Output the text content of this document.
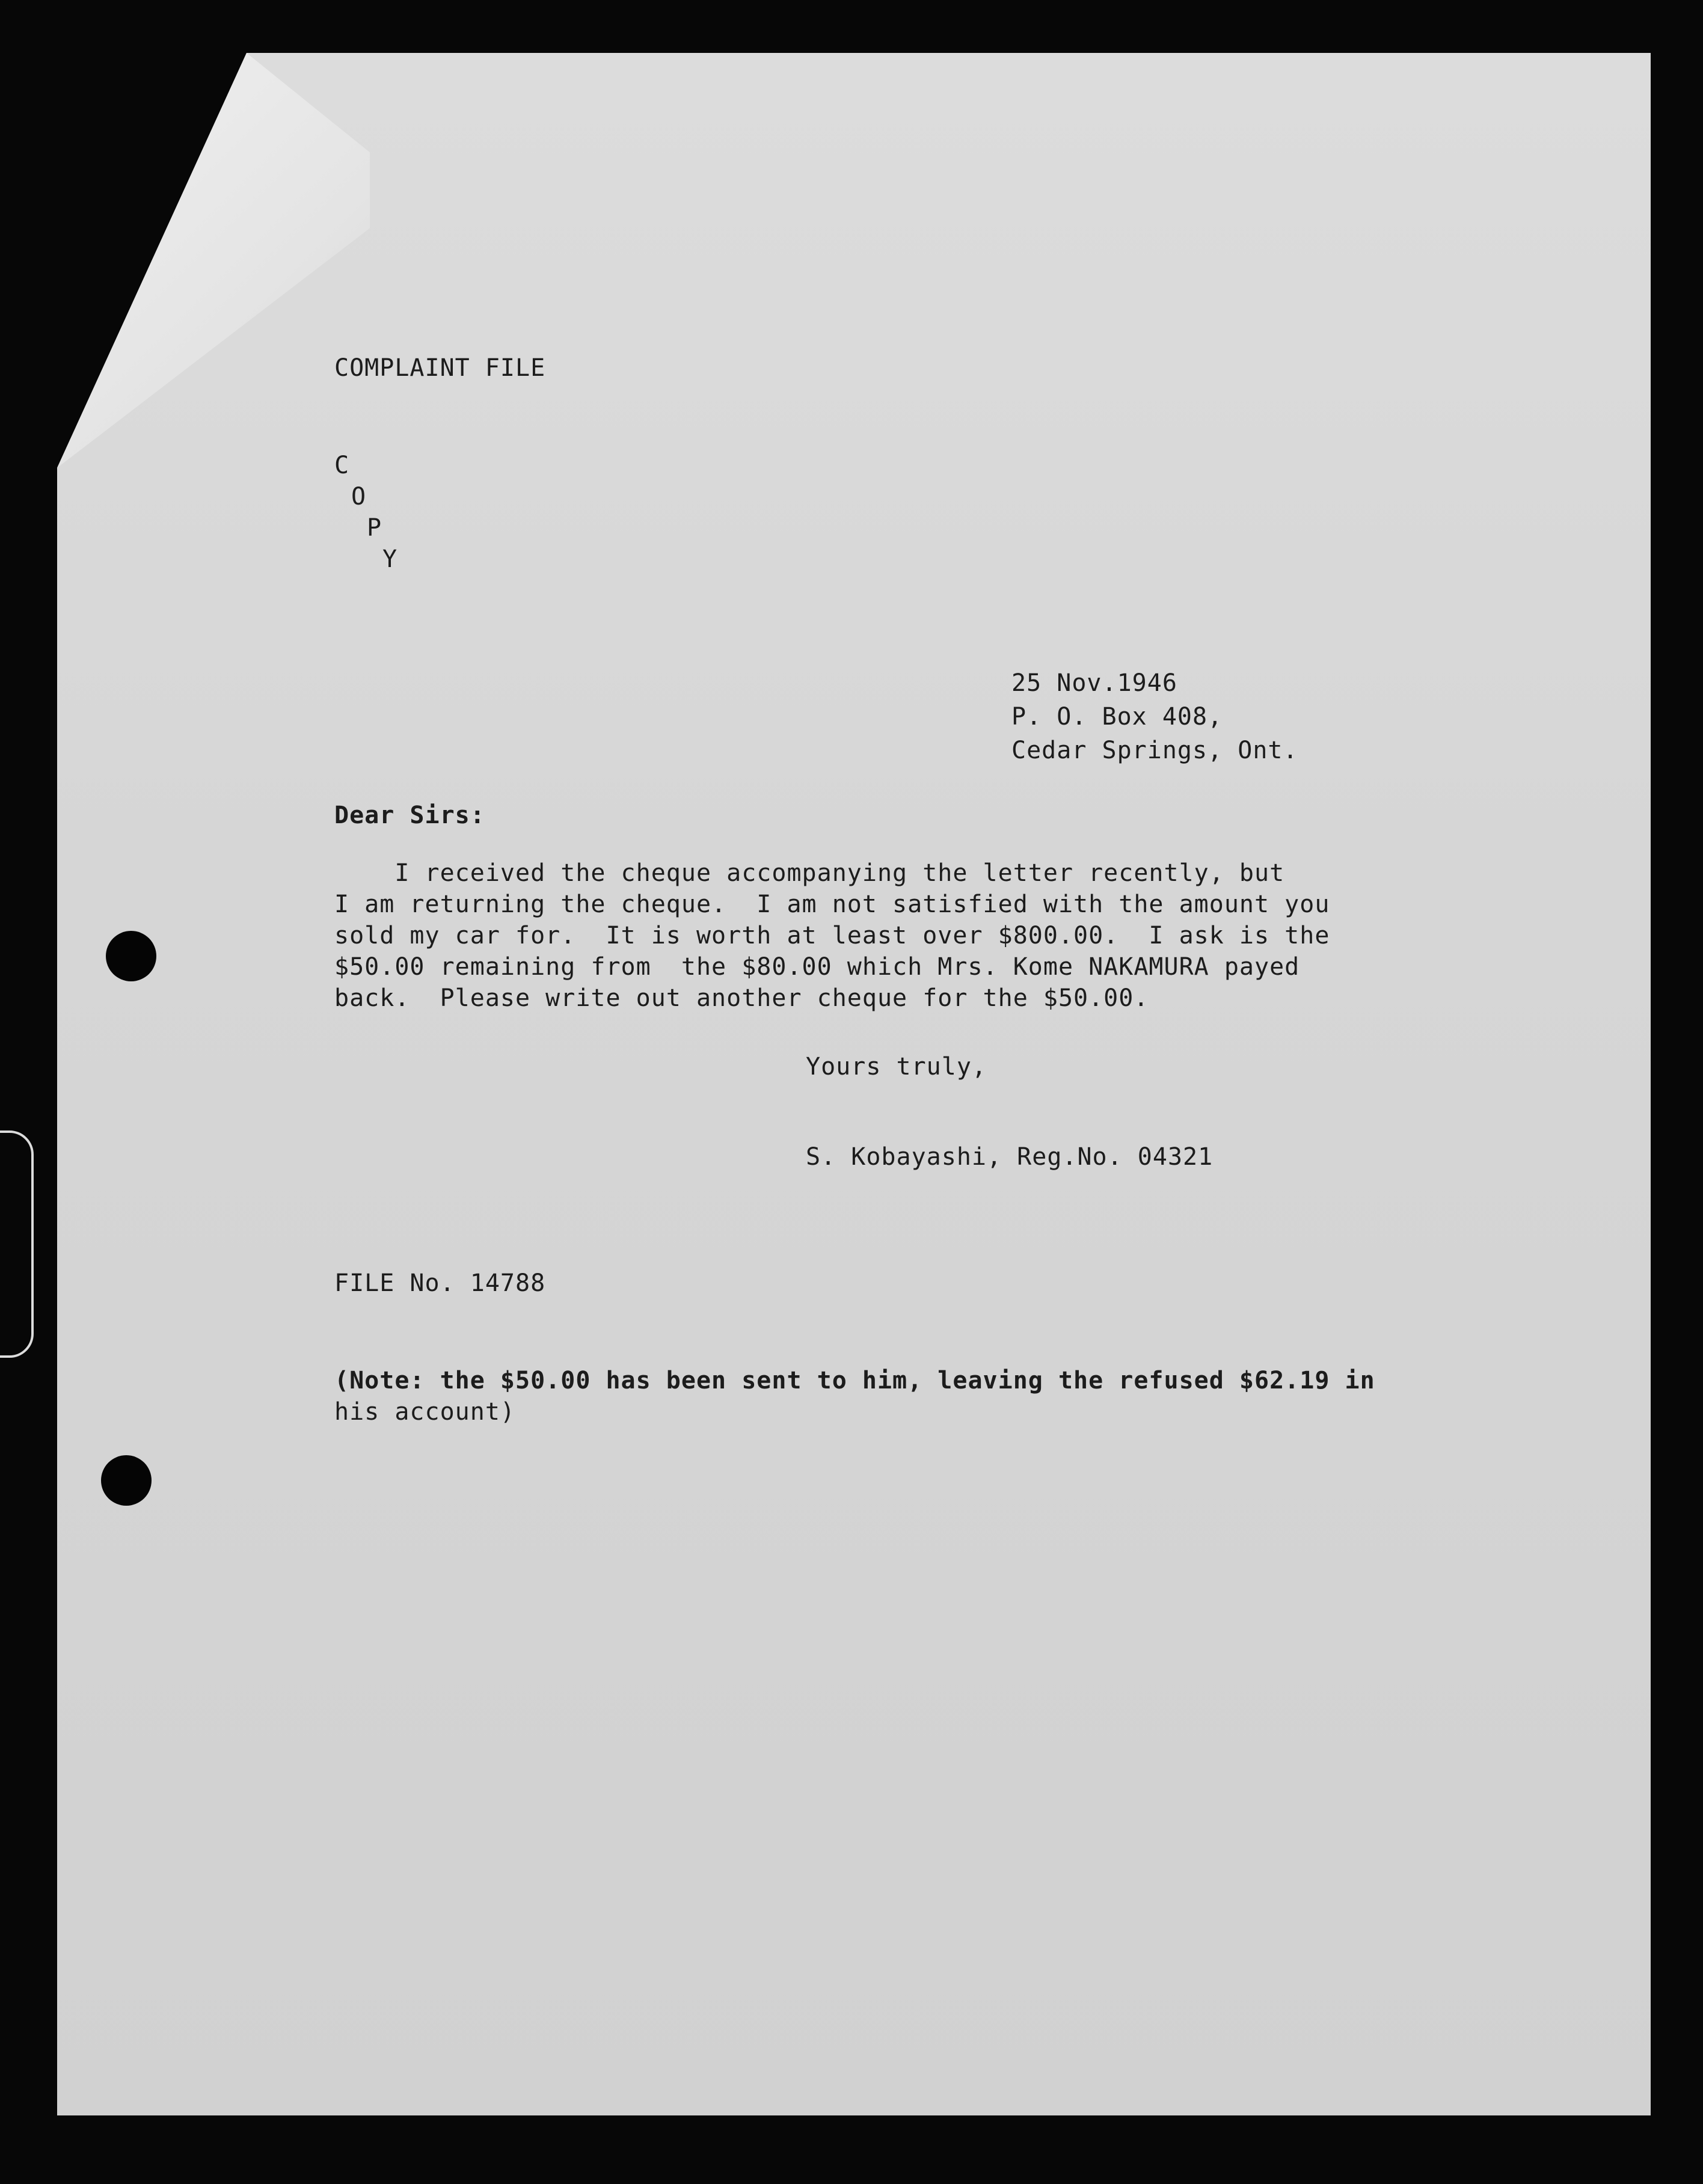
COMPLAINT FILE
C
O
P
Y
25 Nov.1946
P. O. Box 408,
Cedar Springs, Ont.
Dear Sirs:
I received the cheque accompanying the letter recently, but
I am returning the cheque.  I am not satisfied with the amount you
sold my car for.  It is worth at least over $800.00.  I ask is the
$50.00 remaining from  the $80.00 which Mrs. Kome NAKAMURA payed
back.  Please write out another cheque for the $50.00.
Yours truly,
S. Kobayashi, Reg.No. 04321
FILE No. 14788
(Note: the $50.00 has been sent to him, leaving the refused $62.19 in
his account)
